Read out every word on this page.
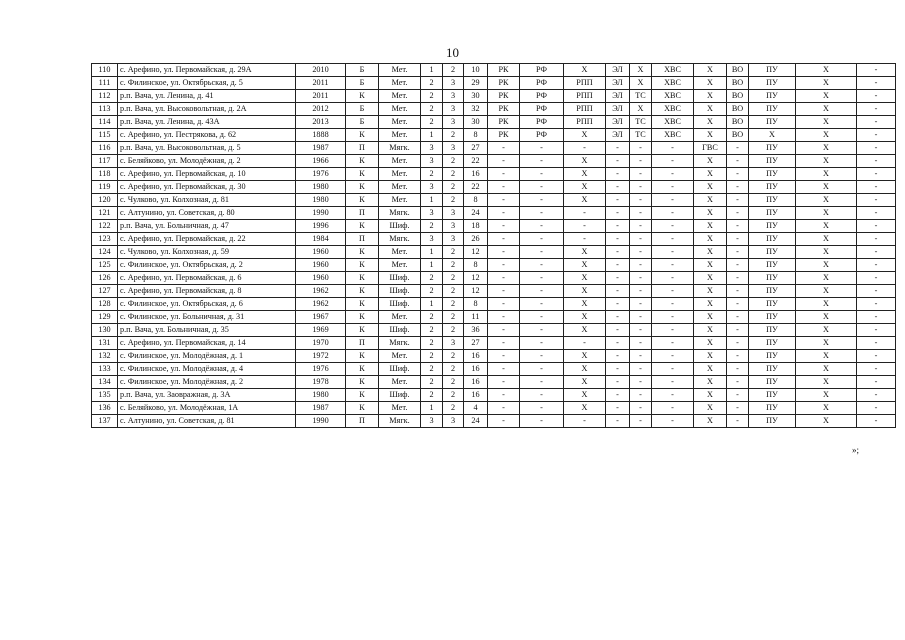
10
110	с. Арефино, ул. Первомайская, д. 29А	2010	Б	Мет.	1	2	10	РК	РФ	Х	ЭЛ	Х	ХВС	Х	ВО	ПУ	Х	-
111	с. Филинское, ул. Октябрьская, д. 5	2011	Б	Мет.	2	3	29	РК	РФ	РПП	ЭЛ	Х	ХВС	Х	ВО	ПУ	Х	-
112	р.п. Вача, ул. Ленина, д. 41	2011	К	Мет.	2	3	30	РК	РФ	РПП	ЭЛ	ТС	ХВС	Х	ВО	ПУ	Х	-
113	р.п. Вача, ул. Высоковольтная, д. 2А	2012	Б	Мет.	2	3	32	РК	РФ	РПП	ЭЛ	Х	ХВС	Х	ВО	ПУ	Х	-
114	р.п. Вача, ул. Ленина, д. 43А	2013	Б	Мет.	2	3	30	РК	РФ	РПП	ЭЛ	ТС	ХВС	Х	ВО	ПУ	Х	-
115	с. Арефино, ул. Пестрякова, д. 62	1888	К	Мет.	1	2	8	РК	РФ	Х	ЭЛ	ТС	ХВС	Х	ВО	Х	Х	-
116	р.п. Вача, ул. Высоковольтная, д. 5	1987	П	Мягк.	3	3	27	-	-	-	-	-	-	ГВС	-	ПУ	Х	-
117	с. Беляйково, ул. Молодёжная, д. 2	1966	К	Мет.	3	2	22	-	-	Х	-	-	-	Х	-	ПУ	Х	-
118	с. Арефино, ул. Первомайская, д. 10	1976	К	Мет.	2	2	16	-	-	Х	-	-	-	Х	-	ПУ	Х	-
119	с. Арефино, ул. Первомайская, д. 30	1980	К	Мет.	3	2	22	-	-	Х	-	-	-	Х	-	ПУ	Х	-
120	с. Чулково, ул. Колхозная, д. 81	1980	К	Мет.	1	2	8	-	-	Х	-	-	-	Х	-	ПУ	Х	-
121	с. Алтунино, ул. Советская, д. 80	1990	П	Мягк.	3	3	24	-	-	-	-	-	-	Х	-	ПУ	Х	-
122	р.п. Вача, ул. Больничная, д. 47	1996	К	Шиф.	2	3	18	-	-	-	-	-	-	Х	-	ПУ	Х	-
123	с. Арефино, ул. Первомайская, д. 22	1984	П	Мягк.	3	3	26	-	-	-	-	-	-	Х	-	ПУ	Х	-
124	с. Чулково, ул. Колхозная, д. 59	1960	К	Мет.	1	2	12	-	-	Х	-	-	-	Х	-	ПУ	Х	-
125	с. Филинское, ул. Октябрьская, д. 2	1960	К	Мет.	1	2	8	-	-	Х	-	-	-	Х	-	ПУ	Х	-
126	с. Арефино, ул. Первомайская, д. 6	1960	К	Шиф.	2	2	12	-	-	Х	-	-	-	Х	-	ПУ	Х	-
127	с. Арефино, ул. Первомайская, д. 8	1962	К	Шиф.	2	2	12	-	-	Х	-	-	-	Х	-	ПУ	Х	-
128	с. Филинское, ул. Октябрьская, д. 6	1962	К	Шиф.	1	2	8	-	-	Х	-	-	-	Х	-	ПУ	Х	-
129	с. Филинское, ул. Больничная, д. 31	1967	К	Мет.	2	2	11	-	-	Х	-	-	-	Х	-	ПУ	Х	-
130	р.п. Вача, ул. Больничная, д. 35	1969	К	Шиф.	2	2	36	-	-	Х	-	-	-	Х	-	ПУ	Х	-
131	с. Арефино, ул. Первомайская, д. 14	1970	П	Мягк.	2	3	27	-	-	-	-	-	-	Х	-	ПУ	Х	-
132	с. Филинское, ул. Молодёжная, д. 1	1972	К	Мет.	2	2	16	-	-	Х	-	-	-	Х	-	ПУ	Х	-
133	с. Филинское, ул. Молодёжная, д. 4	1976	К	Шиф.	2	2	16	-	-	Х	-	-	-	Х	-	ПУ	Х	-
134	с. Филинское, ул. Молодёжная, д. 2	1978	К	Мет.	2	2	16	-	-	Х	-	-	-	Х	-	ПУ	Х	-
135	р.п. Вача, ул. Заовражная, д. 3А	1980	К	Шиф.	2	2	16	-	-	Х	-	-	-	Х	-	ПУ	Х	-
136	с. Беляйково, ул. Молодёжная, 1А	1987	К	Мет.	1	2	4	-	-	Х	-	-	-	Х	-	ПУ	Х	-
137	с. Алтунино, ул. Советская, д. 81	1990	П	Мягк.	3	3	24	-	-	-	-	-	-	Х	-	ПУ	Х	-
»;
